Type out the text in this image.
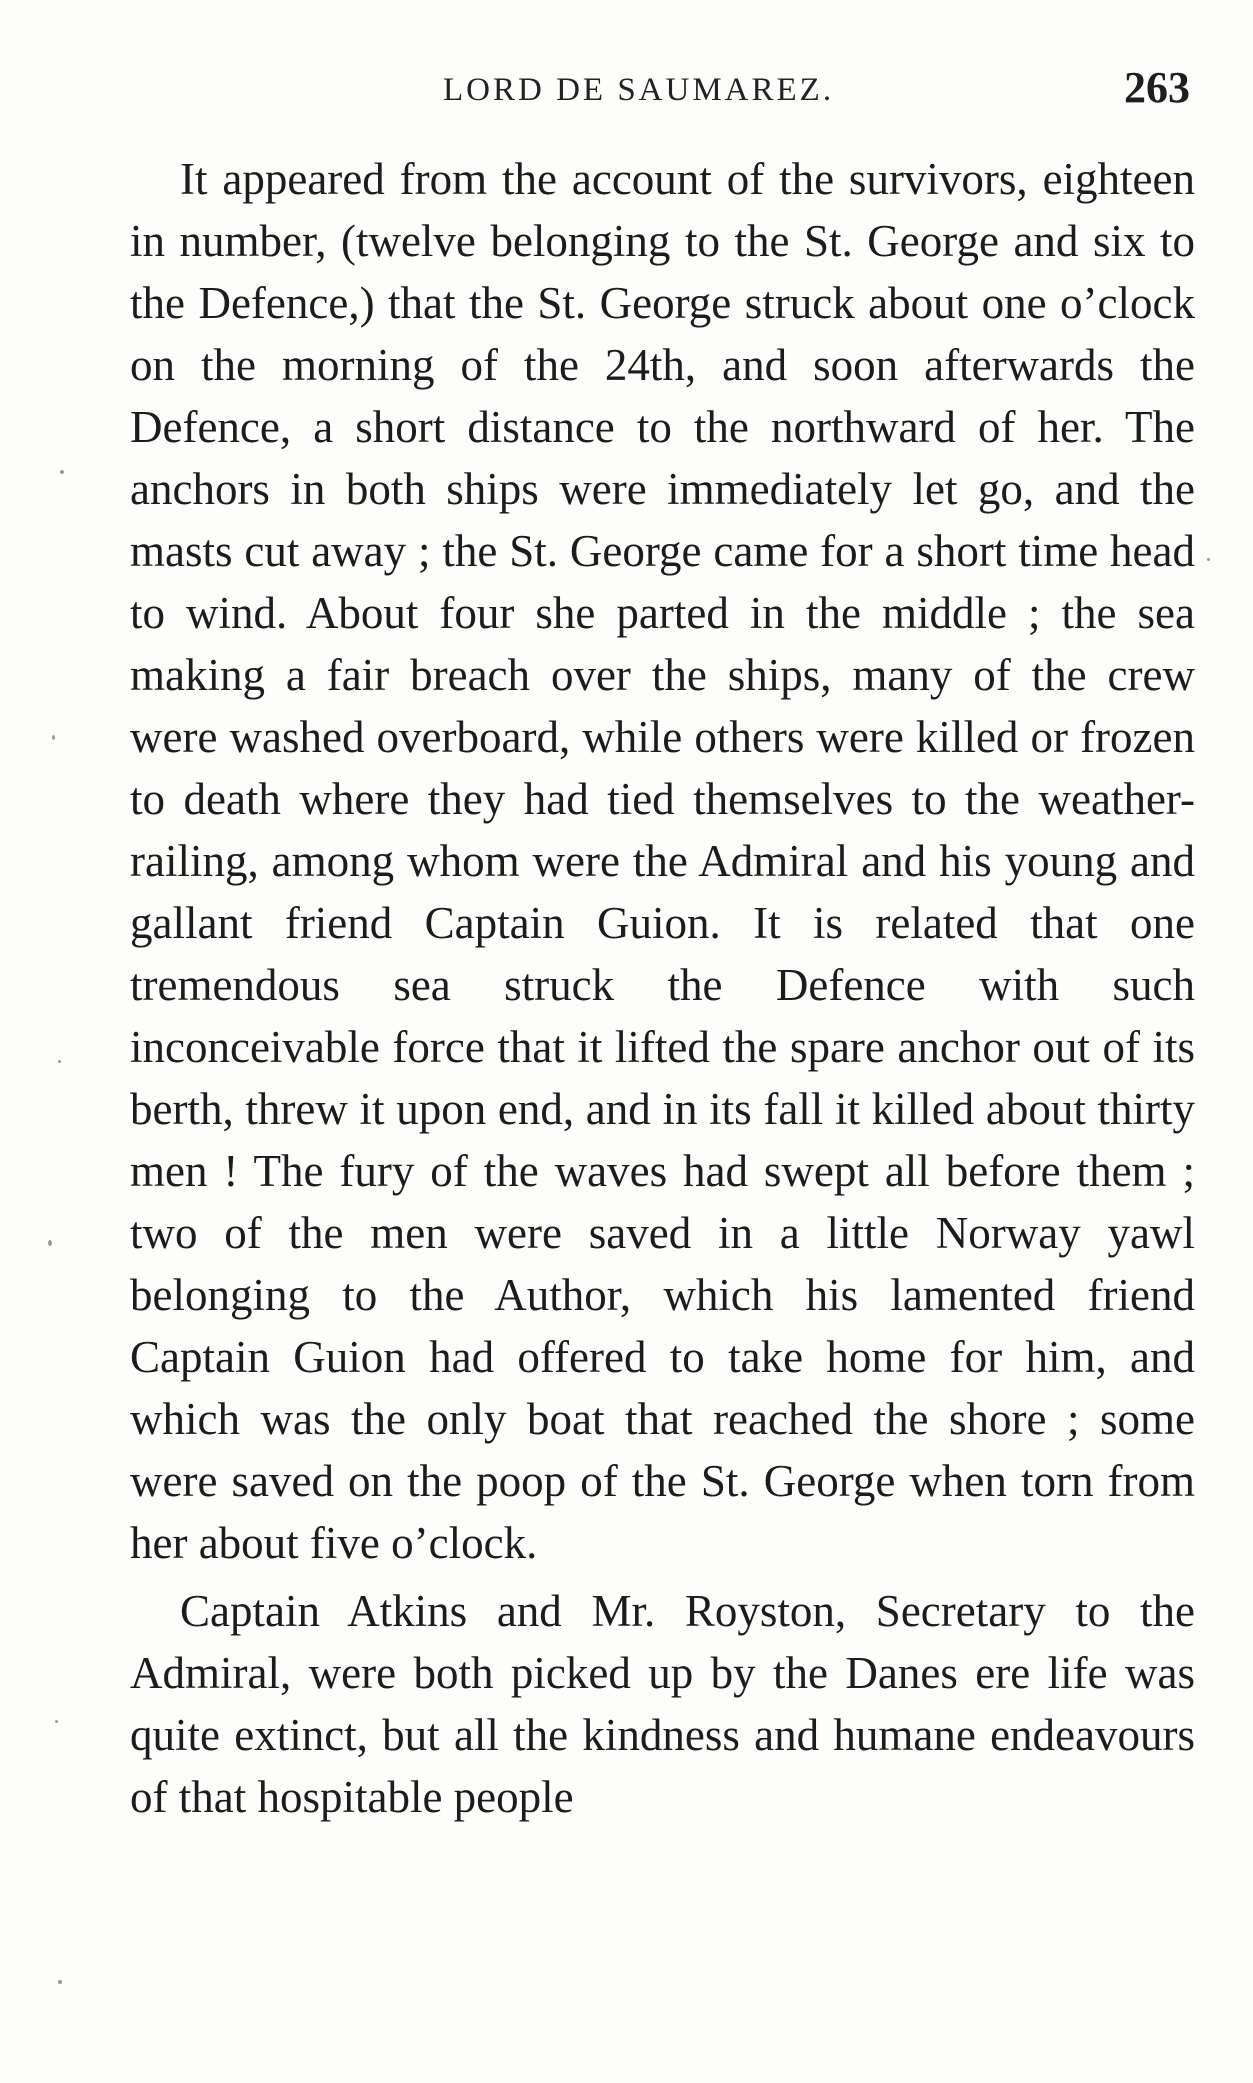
LORD DE SAUMAREZ.	263

It appeared from the account of the survivors, eighteen in number, (twelve belonging to the St. George and six to the Defence,) that the St. George struck about one o’clock on the morning of the 24th, and soon afterwards the Defence, a short distance to the northward of her. The anchors in both ships were immediately let go, and the masts cut away ; the St. George came for a short time head to wind. About four she parted in the middle ; the sea making a fair breach over the ships, many of the crew were washed overboard, while others were killed or frozen to death where they had tied themselves to the weather-railing, among whom were the Admiral and his young and gallant friend Captain Guion. It is related that one tremendous sea struck the Defence with such inconceivable force that it lifted the spare anchor out of its berth, threw it upon end, and in its fall it killed about thirty men ! The fury of the waves had swept all before them ; two of the men were saved in a little Norway yawl belonging to the Author, which his lamented friend Captain Guion had offered to take home for him, and which was the only boat that reached the shore ; some were saved on the poop of the St. George when torn from her about five o’clock.

Captain Atkins and Mr. Royston, Secretary to the Admiral, were both picked up by the Danes ere life was quite extinct, but all the kindness and humane endeavours of that hospitable people
